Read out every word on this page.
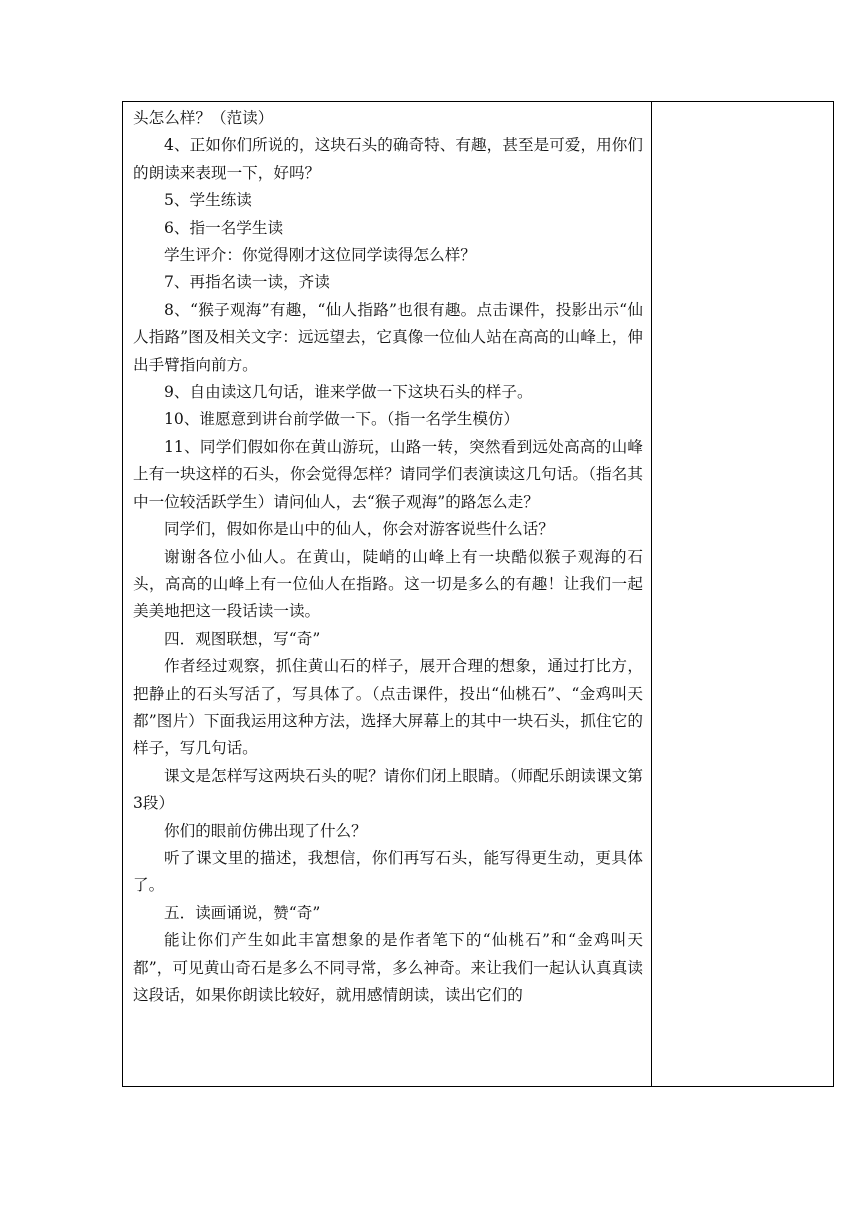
头怎么样？（范读）

4、正如你们所说的，这块石头的确奇特、有趣，甚至是可爱，用你们的朗读来表现一下，好吗？

5、学生练读

6、指一名学生读

学生评介：你觉得刚才这位同学读得怎么样？

7、再指名读一读，齐读

8、“猴子观海”有趣，“仙人指路”也很有趣。点击课件，投影出示“仙人指路”图及相关文字：远远望去，它真像一位仙人站在高高的山峰上，伸出手臂指向前方。

9、自由读这几句话，谁来学做一下这块石头的样子。

10、谁愿意到讲台前学做一下。（指一名学生模仿）

11、同学们假如你在黄山游玩，山路一转，突然看到远处高高的山峰上有一块这样的石头，你会觉得怎样？请同学们表演读这几句话。（指名其中一位较活跃学生）请问仙人，去“猴子观海”的路怎么走？

同学们，假如你是山中的仙人，你会对游客说些什么话？

谢谢各位小仙人。在黄山，陡峭的山峰上有一块酷似猴子观海的石头，高高的山峰上有一位仙人在指路。这一切是多么的有趣！让我们一起美美地把这一段话读一读。

四．观图联想，写“奇”

作者经过观察，抓住黄山石的样子，展开合理的想象，通过打比方，把静止的石头写活了，写具体了。（点击课件，投出“仙桃石”、“金鸡叫天都”图片）下面我运用这种方法，选择大屏幕上的其中一块石头，抓住它的样子，写几句话。

课文是怎样写这两块石头的呢？请你们闭上眼睛。（师配乐朗读课文第3段）

你们的眼前仿佛出现了什么？

听了课文里的描述，我想信，你们再写石头，能写得更生动，更具体了。

五．读画诵说，赞“奇”

能让你们产生如此丰富想象的是作者笔下的“仙桃石”和“金鸡叫天都”，可见黄山奇石是多么不同寻常，多么神奇。来让我们一起认认真真读这段话，如果你朗读比较好，就用感情朗读，读出它们的
